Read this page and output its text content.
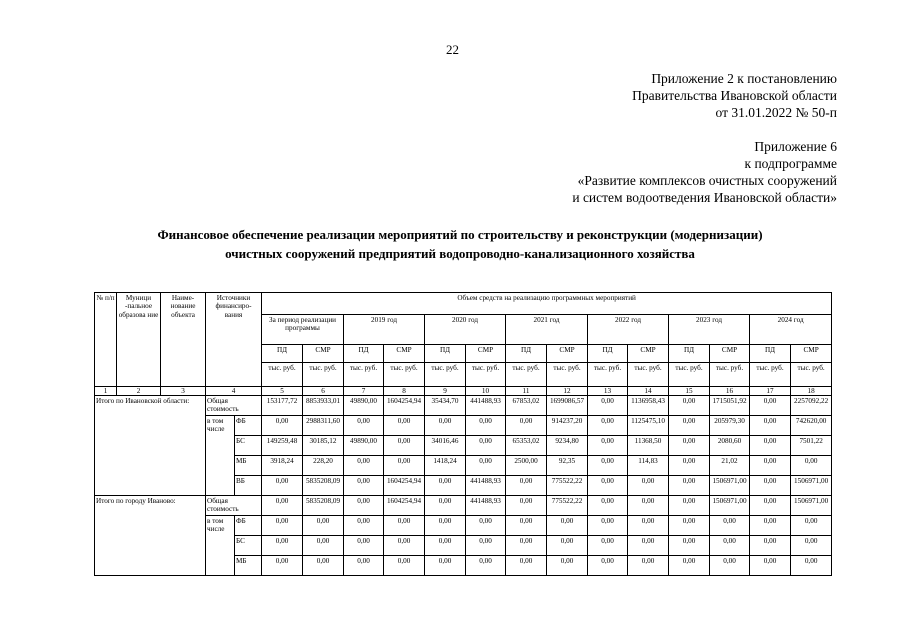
22
Приложение 2 к постановлению
Правительства Ивановской области
от 31.01.2022 № 50-п
Приложение 6
к подпрограмме
«Развитие комплексов очистных сооружений
и систем водоотведения Ивановской области»
Финансовое обеспечение реализации мероприятий по строительству и реконструкции (модернизации)
очистных сооружений предприятий водопроводно-канализационного хозяйства
№ п/п	Муници -пальное образова ние	Наиме- нование объекта	Источники финансиро- вания		Объем средств на реализацию программных мероприятий													
					За период реализации программы		2019 год		2020 год		2021 год		2022 год		2023 год		2024 год	
					ПД	СМР	ПД	СМР	ПД	СМР	ПД	СМР	ПД	СМР	ПД	СМР	ПД	СМР
					тыс. руб.	тыс. руб.	тыс. руб.	тыс. руб.	тыс. руб.	тыс. руб.	тыс. руб.	тыс. руб.	тыс. руб.	тыс. руб.	тыс. руб.	тыс. руб.	тыс. руб.	тыс. руб.
1	2	3	4		5	6	7	8	9	10	11	12	13	14	15	16	17	18
Итого по Ивановской области:			Общая стоимость		153177,72	8853933,01	49890,00	1604254,94	35434,70	441488,93	67853,02	1699086,57	0,00	1136958,43	0,00	1715051,92	0,00	2257092,22
			в том числе	ФБ	0,00	2988311,60	0,00	0,00	0,00	0,00	0,00	914237,20	0,00	1125475,10	0,00	205979,30	0,00	742620,00
				БС	149259,48	30185,12	49890,00	0,00	34016,46	0,00	65353,02	9234,80	0,00	11368,50	0,00	2080,60	0,00	7501,22
				МБ	3918,24	228,20	0,00	0,00	1418,24	0,00	2500,00	92,35	0,00	114,83	0,00	21,02	0,00	0,00
				ВБ	0,00	5835208,09	0,00	1604254,94	0,00	441488,93	0,00	775522,22	0,00	0,00	0,00	1506971,00	0,00	1506971,00
Итого по городу Иваново:			Общая стоимость		0,00	5835208,09	0,00	1604254,94	0,00	441488,93	0,00	775522,22	0,00	0,00	0,00	1506971,00	0,00	1506971,00
			в том числе	ФБ	0,00	0,00	0,00	0,00	0,00	0,00	0,00	0,00	0,00	0,00	0,00	0,00	0,00	0,00
				БС	0,00	0,00	0,00	0,00	0,00	0,00	0,00	0,00	0,00	0,00	0,00	0,00	0,00	0,00
				МБ	0,00	0,00	0,00	0,00	0,00	0,00	0,00	0,00	0,00	0,00	0,00	0,00	0,00	0,00
